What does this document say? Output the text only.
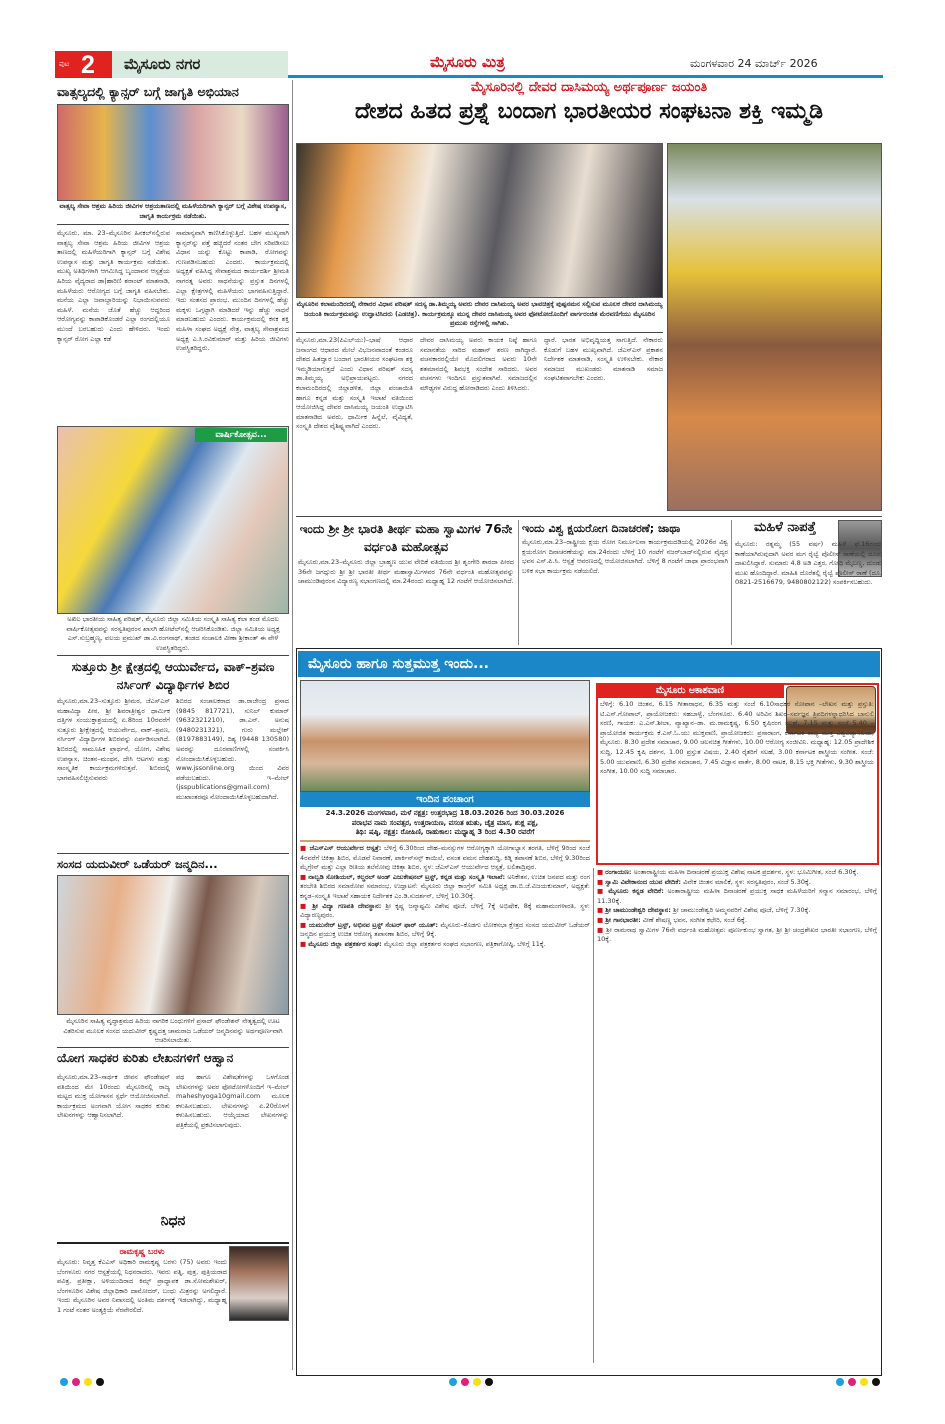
ಪುಟ 2 ಮೈಸೂರು ನಗರ	ಮೈಸೂರು ಮಿತ್ರ	ಮಂಗಳವಾರ 24 ಮಾರ್ಚ್ 2026
ವಾತ್ಸಲ್ಯದಲ್ಲಿ ಕ್ಯಾನ್ಸರ್ ಬಗ್ಗೆ ಜಾಗೃತಿ ಅಭಿಯಾನ
ವಾತ್ಸಲ್ಯ ಸೇವಾ ಆಶ್ರಮ ಹಿರಿಯ ಜೀವಿಗಳ ಆಶ್ರಯತಾಣದಲ್ಲಿ ಮಹಿಳೆಯರಿಗಾಗಿ ಕ್ಯಾನ್ಸರ್ ಬಗ್ಗೆ ವಿಶೇಷ ಉಪನ್ಯಾಸ, ಜಾಗೃತಿ ಕಾರ್ಯಕ್ರಮ ನಡೆಯಿತು.
ಮೈಸೂರು, ಮಾ. 23–ಮೈಸೂರಿನ ಹಿನಕಲ್‌ನಲ್ಲಿರುವ ವಾತ್ಸಲ್ಯ ಸೇವಾ ಆಶ್ರಮ ಹಿರಿಯ ಜೀವಿಗಳ ಆಶ್ರಯ ತಾಣದಲ್ಲಿ ಮಹಿಳೆಯರಿಗಾಗಿ ಕ್ಯಾನ್ಸರ್ ಬಗ್ಗೆ ವಿಶೇಷ ಉಪನ್ಯಾಸ ಮತ್ತು ಜಾಗೃತಿ ಕಾರ್ಯಕ್ರಮ ನಡೆಯಿತು. ಮುಖ್ಯ ಅತಿಥಿಗಳಾಗಿ ಆಗಮಿಸಿದ್ದ ಬೃಂದಾವನ ಆಸ್ಪತ್ರೆಯ ಹಿರಿಯ ವೈದ್ಯರಾದ ಡಾ|ಹಾರಿಣಿ ಶರಾಂಟ್ ಮಾತನಾಡಿ, ಮಹಿಳೆಯರು ಆರೋಗ್ಯದ ಬಗ್ಗೆ ಜಾಗೃತಿ ವಹಿಸಬೇಕು. ಮನೆಯ ಎಲ್ಲಾ ಜವಾಬ್ದಾರಿಯನ್ನು ನಿಭಾಯಿಸುವವರು ಮಹಿಳೆ. ಮನೆಯ ಜೊತೆ ಹೆಚ್ಚು ಆದ್ದರಿಂದ ಆರೋಗ್ಯವನ್ನು ಕಾಪಾಡಿಕೊಂಡರೆ ಎಲ್ಲಾ ರಂಗದಲ್ಲಿಯೂ ಮುಂದೆ ಬರಬಹುದು ಎಂದು ಹೇಳಿದರು. ಇಂದು ಕ್ಯಾನ್ಸರ್ ರೋಗ ಎಲ್ಲಾ ಕಡೆ
ಸಾಮಾನ್ಯವಾಗಿ ಕಾಣಿಸಿಕೊಳ್ಳುತ್ತಿದೆ. ಬಹಳ ಮುಖ್ಯವಾಗಿ ಕ್ಯಾನ್ಸರ್‌ನ್ನು ಪತ್ತೆ ಹಚ್ಚಿದರೆ ನಂತರ ಬೇಗ ಸರಿಪಡಿಸಲು ವಿಧಾನ ಯನ್ನು ಕೊಟ್ಟು ಕಾಪಾಡಿ, ರೋಗವನ್ನು ಗುಣಪಡಿಸಬಹುದು ಎಂದರು. ಕಾರ್ಯಕ್ರಮದಲ್ಲಿ ಅಧ್ಯಕ್ಷತೆ ವಹಿಸಿದ್ದ ಸೇವಾಶ್ರಮದ ಕಾರ್ಯದರ್ಶಿ ಶ್ರೀಮತಿ ನಾಗರತ್ನ ಅವರು ಸಾಧನೆಯನ್ನು ಪ್ರಸ್ತುತ ದಿನಗಳಲ್ಲಿ ಎಲ್ಲಾ ಕ್ಷೇತ್ರಗಳಲ್ಲಿ ಮಹಿಳೆಯರು ಭಾಗವಹಿಸುತ್ತಿದ್ದಾರೆ. ಇದು ಸಂತಸದ ಪ್ರಾರಂಭ. ಮುಂದಿನ ದಿನಗಳಲ್ಲಿ ಹೆಚ್ಚು ಮಕ್ಕಳು ಒಗ್ಗಟ್ಟಾಗಿ ಮಾಡಿದರೆ ಇನ್ನು ಹೆಚ್ಚು ಸಾಧನೆ ಮಾಡಬಹುದು ಎಂದರು. ಕಾರ್ಯಕ್ರಮದಲ್ಲಿ ಕನಕ ಶಕ್ತಿ ಮಹಿಳಾ ಸಂಘದ ಅಧ್ಯಕ್ಷೆ ನೇತ್ರ, ವಾತ್ಸಲ್ಯ ಸೇವಾಶ್ರಮದ ಅಧ್ಯಕ್ಷ ಎ.ಸಿ.ರವಿಕುಮಾರ್ ಮತ್ತು ಹಿರಿಯ ಜೀವಿಗಳು ಉಪಸ್ಥಿತರಿದ್ದರು.
ವಾರ್ಷಿಕೋತ್ಸವ...
ಅಖಿಲ ಭಾರತೀಯ ಸಾಹಿತ್ಯ ಪರಿಷತ್, ಮೈಸೂರು ಜಿಲ್ಲಾ ಸಮಿತಿಯ ಸಂಸ್ಕೃತಿ ಸಾಹಿತ್ಯ ಕಲಾ ತಂಡ ಮೊದಲ ವಾರ್ಷಿಕೋತ್ಸವವನ್ನು ಸರಸ್ವತಿಪುರಂನ ಖಾಸಗಿ ಹೋಟೆಲ್‌ನಲ್ಲಿ ಆಚರಿಸಿಕೊಂಡಿತು. ಜಿಲ್ಲಾ ಸಮಿತಿಯ ಅಧ್ಯಕ್ಷ ಎಸ್.ಸುಬ್ರಹ್ಮಣ್ಯ, ವಲಯ ಪ್ರಮುಖ್ ಡಾ.ವಿ.ರಂಗನಾಥ್, ತಂಡದ ಸಂಚಾಲಕಿ ವೀಣಾ ಶ್ರೀಕಾಂತ್ ಈ ವೇಳೆ ಉಪಸ್ಥಿತರಿದ್ದರು.
ಸುತ್ತೂರು ಶ್ರೀ ಕ್ಷೇತ್ರದಲ್ಲಿ ಆಯುರ್ವೇದ, ವಾಕ್–ಶ್ರವಣ ನರ್ಸಿಂಗ್ ವಿದ್ಯಾರ್ಥಿಗಳ ಶಿಬಿರ
ಮೈಸೂರು,ಮಾ.23–ಸುತ್ತೂರು ಶ್ರೀಮಠ, ಜೆಎಸ್‌ಎಸ್ ಮಹಾವಿದ್ಯಾ ಪೀಠ, ಶ್ರೀ ಶಿವರಾತ್ರೀಶ್ವರ ಧಾರ್ಮಿಕ ದತ್ತಿಗಳ ಸಂಯುಕ್ತಾಶ್ರಯದಲ್ಲಿ ಏ.8ರಿಂದ 10ರವರೆಗೆ ಸುತ್ತೂರು ಶ್ರೀಕ್ಷೇತ್ರದಲ್ಲಿ ಆಯುರ್ವೇದ, ವಾಕ್–ಶ್ರವಣ, ನರ್ಸಿಂಗ್ ವಿದ್ಯಾರ್ಥಿಗಳ ಶಿಬಿರವನ್ನು ಏರ್ಪಡಿಸಲಾಗಿದೆ. ಶಿಬಿರದಲ್ಲಿ ಸಾಮೂಹಿಕ ಪ್ರಾರ್ಥನೆ, ಯೋಗ, ವಿಶೇಷ ಉಪನ್ಯಾಸ, ಚಿಂತನ–ಮಂಥನ, ದೇಸಿ ಆಟಗಳು ಮತ್ತು ಸಾಂಸ್ಕೃತಿಕ ಕಾರ್ಯಕ್ರಮಗಳಿರುತ್ತವೆ. ಶಿಬಿರದಲ್ಲಿ ಭಾಗವಹಿಸಲಿಚ್ಛಿಸುವವರು
ಶಿಬಿರದ ಸಂಚಾಲಕರಾದ ಡಾ.ರಾಜೇಂದ್ರ ಪ್ರಸಾದ (9845 817721), ಸುನಿಲ್ ಕುಮಾರ್ (9632321210), ಡಾ.ಎನ್. ಅನುಷ (9480231321), ಗುರು ಮಲ್ಲೇಶ್ (8197883149), ದಿಶ್ಯ (9448 130580) ಅವರನ್ನು ದೂರವಾಣಿಗಳಲ್ಲಿ ಸಂಪರ್ಕಿಸಿ ನೋಂದಾಯಿಸಿಕೊಳ್ಳಬಹುದು. www.jssonline.org ಯಿಂದ ವಿವರ ಪಡೆಯಬಹುದು. ಇ–ಮೇಲ್ (jsspublications@gmail.com) ಮುಖಾಂತರವೂ ನೋಂದಾಯಿಸಿಕೊಳ್ಳಬಹುದಾಗಿದೆ.
ಸಂಸದ ಯದುವೀರ್ ಒಡೆಯರ್ ಜನ್ಮದಿನ...
ಮೈಸೂರಿನ ಸಾಹಿತ್ಯ ವೃದ್ಧಾಶ್ರಮದ ಹಿರಿಯ ನಾಗರಿಕ ಬಂಧುಗಳಿಗೆ ಪ್ರಸಾದ್ ಫೌಂಡೇಶನ್ ನೇತೃತ್ವದಲ್ಲಿ ಊಟ ವಿತರಿಸುವ ಮೂಲಕ ಸಂಸದ ಯದುವೀರ್ ಕೃಷ್ಣದತ್ತ ಚಾಮರಾಜ ಒಡೆಯರ್ ಜನ್ಮದಿನವನ್ನು ಅರ್ಥಪೂರ್ಣವಾಗಿ ಆಚರಿಸಲಾಯಿತು.
ಯೋಗ ಸಾಧಕರ ಕುರಿತು ಲೇಖನಗಳಿಗೆ ಆಹ್ವಾನ
ಮೈಸೂರು,ಮಾ.23–ಸಾರ್ಥಕ ಜೀವನ ಫೌಂಡೇಷನ್ ವತಿಯಿಂದ ಮೇ 10ರಂದು ಮೈಸೂರಿನಲ್ಲಿ ರಾಜ್ಯ ಮಟ್ಟದ ಮುಕ್ತ ಯೋಗಾಸನ ಸ್ಪರ್ಧೆ ಆಯೋಜಿಸಲಾಗಿದೆ. ಕಾರ್ಯಕ್ರಮದ ಅಂಗವಾಗಿ ಯೋಗ ಸಾಧಕರ ಕುರಿತು ಲೇಖನಗಳನ್ನು ಆಹ್ವಾನಿಸಲಾಗಿದೆ.
ಪಥ ಹಾಗೂ ವಿಶೇಷತೆಗಳನ್ನು ಒಳಗೊಂಡ ಲೇಖನಗಳನ್ನು ಅವರ ಫೋಟೋಗಳೊಂದಿಗೆ ಇ–ಮೇಲ್ maheshyoga10gmail.com ಮೂಲಕ ಕಳುಹಿಸಬಹುದು. ಲೇಖನಗಳನ್ನು ಏ.20ರೊಳಗೆ ಕಳುಹಿಸಬಹುದು. ಆಯ್ಕೆಯಾದ ಲೇಖನಗಳನ್ನು ಪತ್ರಿಕೆಯಲ್ಲಿ ಪ್ರಕಟಿಸಲಾಗುವುದು.
ನಿಧನ
ರಾಮಕೃಷ್ಣ ಬರಳು
ಮೈಸೂರು: ನಿವೃತ್ತ ಕೆಎಎಸ್ ಅಧಿಕಾರಿ ರಾಮಕೃಷ್ಣ ಬರಳು (75) ಅವರು ಇಂದು ಬೆಂಗಳೂರು ನಗರ ಆಸ್ಪತ್ರೆಯಲ್ಲಿ ನಿಧನರಾದರು. ಇವರು ಪತ್ನಿ, ಪುತ್ರ, ಪುತ್ರಿಯರಾದ ಪವಿತ್ರ, ಪ್ರತೀಕ್ಷಾ, ಅಳಿಯಂದಿರಾದ ಕಿಮ್ಸ್ ಪ್ರಾಧ್ಯಾಪಕ ಡಾ.ಸೋಮಶೇಖರ್, ಬೆಂಗಳೂರಿನ ವಿಶೇಷ ಜಿಲ್ಲಾಧಿಕಾರಿ ದಾಮೋದರ್, ಬಂಧು ಮಿತ್ರರನ್ನು ಅಗಲಿದ್ದಾರೆ. ಇಂದು ಮೈಸೂರಿನ ಅವರ ನಿವಾಸದಲ್ಲಿ ಅಂತಿಮ ದರ್ಶನಕ್ಕೆ ಇಡಲಾಗಿದ್ದು, ಮಧ್ಯಾಹ್ನ 1 ಗಂಟೆ ನಂತರ ಅಂತ್ಯಕ್ರಿಯೆ ನೆರವೇರಲಿದೆ.
ಮೈಸೂರಿನಲ್ಲಿ ದೇವರ ದಾಸಿಮಯ್ಯ ಅರ್ಥಪೂರ್ಣ ಜಯಂತಿ
ದೇಶದ ಹಿತದ ಪ್ರಶ್ನೆ ಬಂದಾಗ ಭಾರತೀಯರ ಸಂಘಟನಾ ಶಕ್ತಿ ಇಮ್ಮಡಿ
ಮೈಸೂರಿನ ಕಲಾಮಂದಿರದಲ್ಲಿ ನೇಕಾರರ ವಿಧಾನ ಪರಿಷತ್ ಸದಸ್ಯ ಡಾ.ತಿಮ್ಮಯ್ಯ ಅವರು ದೇವರ ದಾಸಿಮಯ್ಯ ಅವರ ಭಾವಚಿತ್ರಕ್ಕೆ ಪುಷ್ಪನಮನ ಸಲ್ಲಿಸುವ ಮೂಲಕ ದೇವರ ದಾಸಿಮಯ್ಯ ಜಯಂತಿ ಕಾರ್ಯಕ್ರಮವನ್ನು ಉದ್ಘಾಟಿಸಿದರು (ಎಡಚಿತ್ರ). ಕಾರ್ಯಕ್ರಮಕ್ಕೂ ಮುನ್ನ ದೇವರ ದಾಸಿಮಯ್ಯ ಅವರ ಫೋಟೋದೊಂದಿಗೆ ವಾರ್ಗರಂಜಿತ ಮೆರವಣಿಗೆಯು ಮೈಸೂರಿನ ಪ್ರಮುಖ ರಸ್ತೆಗಳಲ್ಲಿ ಸಾಗಿತು.
ಮೈಸೂರು,ಮಾ.23(ಪಿಎಲ್‌ಯು)–ಭಾಷೆ ಆಧಾರ ಜನಾಂಗದ ಆಧಾರದ ಮೇಲೆ ವಿಭಜನವಾದಂತೆ ಕಂಡರೂ ದೇಶದ ಹಿತದ್ವಾರ ಬಂದಾಗ ಭಾರತೀಯರ ಸಂಘಟನಾ ಶಕ್ತಿ ಇಮ್ಮಡಿಯಾಗುತ್ತದೆ ಎಂದು ವಿಧಾನ ಪರಿಷತ್ ಸದಸ್ಯ ಡಾ.ತಿಮ್ಮಯ್ಯ ಅಭಿಪ್ರಾಯಪಟ್ಟರು. ನಗರದ ಕಲಾಮಂದಿರದಲ್ಲಿ ಜಿಲ್ಲಾಡಳಿತ, ಜಿಲ್ಲಾ ಪಂಚಾಯಿತಿ ಹಾಗೂ ಕನ್ನಡ ಮತ್ತು ಸಂಸ್ಕೃತಿ ಇಲಾಖೆ ವತಿಯಿಂದ ಆಯೋಜಿಸಿದ್ದ ದೇವರ ದಾಸಿಮಯ್ಯ ಜಯಂತಿ ಉದ್ಘಾಟಿಸಿ ಮಾತನಾಡಿದ ಅವರು, ಧಾರ್ಮಿಕ ಹಿನ್ನೆಲೆ, ವೈವಿಧ್ಯತೆ, ಸಂಸ್ಕೃತಿ ದೇಶದ ವೈಶಿಷ್ಟ್ಯವಾಗಿದೆ ಎಂದರು.
ದೇವರ ದಾಸಿಮಯ್ಯ ಅವರು ಕಾಯಕ ನಿಷ್ಠೆ ಹಾಗೂ ಸಮಾನತೆಯ ಸಾರಿದ ಮಹಾನ್ ಶರಣ ರಾಗಿದ್ದಾರೆ. ವಚನಕಾರರಲ್ಲಿಯೇ ಮೊದಲಿಗರಾದ ಅವರು 10ನೇ ಶತಮಾನದಲ್ಲಿ ಶಿವಭಕ್ತಿ ಸಂದೇಶ ಸಾರಿದರು. ಅವರ ವಚನಗಳು ಇಂದಿಗೂ ಪ್ರಸ್ತುತವಾಗಿವೆ. ಸಮಾಜದಲ್ಲಿನ ಮೌಢ್ಯಗಳ ವಿರುದ್ಧ ಹೋರಾಡಿದರು ಎಂದು ತಿಳಿಸಿದರು.
ದ್ದಾರೆ. ಭಾರತ ಅಭಿವೃದ್ಧಿಯತ್ತ ಸಾಗುತ್ತಿದೆ. ನೇಕಾರರು ಕೊಡುಗೆ ಬಹಳ ಮುಖ್ಯವಾಗಿದೆ. ಜೆಎಸ್‌ಎಸ್ ಪ್ರಕಾಶನ ನಿರ್ದೇಶಕ ಮಾತನಾಡಿ, ಸಂಸ್ಕೃತಿ ಉಳಿಸಬೇಕು. ನೇಕಾರ ಸಮಾಜದ ಮುಖಂಡರು ಮಾತನಾಡಿ ಸಮಾಜ ಸಂಘಟಿತವಾಗಬೇಕು ಎಂದರು.
ಇಂದು ಶ್ರೀ ಶ್ರೀ ಭಾರತಿ ತೀರ್ಥ ಮಹಾ ಸ್ವಾಮಿಗಳ 76ನೇ ವರ್ಧಂತಿ ಮಹೋತ್ಸವ
ಮೈಸೂರು,ಮಾ.23–ಮೈಸೂರು ಜಿಲ್ಲಾ ಬ್ರಾಹ್ಮಣ ಯುವ ವೇದಿಕೆ ವತಿಯಿಂದ ಶ್ರೀ ಶೃಂಗೇರಿ ಶಾರದಾ ಪೀಠದ 36ನೇ ಜಗದ್ಗುರು ಶ್ರೀ ಶ್ರೀ ಭಾರತೀ ತೀರ್ಥ ಮಹಾಸ್ವಾಮಿಗಳವರ 76ನೇ ವರ್ಧಂತಿ ಮಹೋತ್ಸವವನ್ನು ಚಾಮುಂಡಿಪುರಂನ ವಿದ್ಯಾರಣ್ಯ ಸಭಾಂಗಣದಲ್ಲಿ ಮಾ.24ರಂದು ಮಧ್ಯಾಹ್ನ 12 ಗಂಟೆಗೆ ಆಯೋಜಿಸಲಾಗಿದೆ.
ಇಂದು ವಿಶ್ವ ಕ್ಷಯರೋಗ ದಿನಾಚರಣೆ; ಜಾಥಾ
ಮೈಸೂರು,ಮಾ.23–ರಾಷ್ಟ್ರೀಯ ಕ್ಷಯ ರೋಗ ನಿರ್ಮೂಲನಾ ಕಾರ್ಯಕ್ರಮದಡಿಯಲ್ಲಿ 2026ರ ವಿಶ್ವ ಕ್ಷಯರೋಗ ದಿನಾಚರಣೆಯನ್ನು ಮಾ.24ರಂದು ಬೆಳಿಗ್ಗೆ 10 ಗಂಟೆಗೆ ನಜರ್‌ಬಾದ್‌ನಲ್ಲಿರುವ ವೈದ್ಯರ ಭವನ ಎಸ್.ಪಿ.ಸಿ. ಆಸ್ಪತ್ರೆ ಆವರಣದಲ್ಲಿ ಆಯೋಜಿಸಲಾಗಿದೆ. ಬೆಳಿಗ್ಗೆ 8 ಗಂಟೆಗೆ ಜಾಥಾ ಪ್ರಾರಂಭವಾಗಿ ಬಳಿಕ ಸಭಾ ಕಾರ್ಯಕ್ರಮ ನಡೆಯಲಿದೆ.
ಮಹಿಳೆ ನಾಪತ್ತೆ
ಮೈಸೂರು: ರತ್ನಮ್ಮ (55 ವರ್ಷ) ಮಹಿಳೆ ಫೆ.16ರಂದು ಕಾಣೆಯಾಗಿರುವುದಾಗಿ ಅವರ ಮಗ ರೈಲ್ವೆ ಪೊಲೀಸ್ ಠಾಣೆಯಲ್ಲಿ ದೂರು ದಾಖಲಿಸಿದ್ದಾರೆ. ಸುಮಾರು 4.8 ಅಡಿ ಎತ್ತರ, ಗೋಧಿ ಮೈಬಣ್ಣ, ದುಂಡು ಮುಖ ಹೊಂದಿದ್ದಾರೆ. ಮಾಹಿತಿ ದೊರೆತಲ್ಲಿ ರೈಲ್ವೆ ಪೊಲೀಸ್ ಠಾಣೆ (ದೂ. 0821-2516679, 9480802122) ಸಂಪರ್ಕಿಸಬಹುದು.
ಮೈಸೂರು ಹಾಗೂ ಸುತ್ತಮುತ್ತ ಇಂದು...
ಇಂದಿನ ಪಂಚಾಂಗ
24.3.2026 ಮಂಗಳವಾರ, ಮಳೆ ನಕ್ಷತ್ರ: ಉತ್ತರಭಾದ್ರ 18.03.2026 ರಿಂದ 30.03.2026
ಪರಾಭವ ನಾಮ ಸಂವತ್ಸರ, ಉತ್ತರಾಯಣ, ವಸಂತ ಋತು, ಚೈತ್ರ ಮಾಸ, ಶುಕ್ಲ ಪಕ್ಷ,
ತಿಥಿ: ಷಷ್ಠಿ, ನಕ್ಷತ್ರ: ರೋಹಿಣಿ, ರಾಹುಕಾಲ: ಮಧ್ಯಾಹ್ನ 3 ರಿಂದ 4.30 ರವರೆಗೆ
ಮೈಸೂರು ಆಕಾಶವಾಣಿ
ಬೆಳಿಗ್ಗೆ: 6.10 ಚಿಂತನ, 6.15 ಗೀತಾರಾಧನ, 6.35 ಮತ್ತು ಸಂಜೆ 6.10ಸಾಧಕರ ಸೋಪಾನ –ಲೇಖನ ಮತ್ತು ಪ್ರಸ್ತುತಿ: ಟಿ.ಎಸ್.ಗೋಪಾಲ್, ಪ್ರಾಯೋಜಕರು: ಸಹಬಾಳ್ವೆ, ಬೆಂಗಳೂರು. 6.40 ಅರಿವಿನ ಶಿಖರ–ಸರ್ವಜ್ಞನ ತ್ರಿಪದಿಗಳನ್ನಾಧರಿಸಿದ ಬಾನುಲಿ ಸರಣಿ, ಗಾಯಕ: ಎ.ಎಸ್.ಶೀಲಾ, ವ್ಯಾಖ್ಯಾನ–ಡಾ. ಮ.ರಾಮಕೃಷ್ಣ, 6.50 ಕೃಷಿರಂಗ ಸಲಹೆ, 7.15 ಮತ್ತು ಸಂಜೆ 5.40 – ಪ್ರಾಯೋಜಿತ ಕಾರ್ಯಕ್ರಮ ಕೆ.ಎಸ್.ಓ.ಯು ಮುಕ್ತವಾಣಿ, ಪ್ರಾಯೋಜಕರು: ಪ್ರಸಾರಾಂಗ, ಕರ್ನಾಟಕ ರಾಜ್ಯ ಮುಕ್ತ ವಿಶ್ವವಿದ್ಯಾನಿಲಯ, ಮೈಸೂರು. 8.30 ಪ್ರದೇಶ ಸಮಾಚಾರ, 9.00 ಚಲನಚಿತ್ರ ಗೀತೆಗಳು, 10.00 ಆರೋಗ್ಯ ಸಂಜೀವಿನಿ. ಮಧ್ಯಾಹ್ನ: 12.05 ಪ್ರಾದೇಶಿಕ ಸುದ್ದಿ, 12.45 ಕೃಷಿ ದರ್ಶನ, 1.00 ಪ್ರಸ್ತುತ ವಿಷಯ, 2.40 ರೈತರಿಗೆ ಸಲಹೆ, 3.00 ಕರ್ನಾಟಕ ಶಾಸ್ತ್ರೀಯ ಸಂಗೀತ. ಸಂಜೆ: 5.00 ಯುವವಾಣಿ, 6.30 ಪ್ರದೇಶ ಸಮಾಚಾರ, 7.45 ವಿಜ್ಞಾನ ವಾರ್ತೆ, 8.00 ನಾಟಕ, 8.15 ಭಕ್ತಿ ಗೀತೆಗಳು, 9.30 ಶಾಸ್ತ್ರೀಯ ಸಂಗೀತ, 10.00 ಸುದ್ದಿ ಸಮಾಚಾರ.
■ ಜೆಎಸ್‌ಎಸ್ ಆಯುರ್ವೇದ ಆಸ್ಪತ್ರೆ: ಬೆಳಿಗ್ಗೆ 6.30ರಿಂದ ದೇಹ–ಮನಸ್ಸುಗಳ ಆರೋಗ್ಯಕ್ಕಾಗಿ ಯೋಗಾಭ್ಯಾಸ ತರಗತಿ, ಬೆಳಿಗ್ಗೆ 9ರಿಂದ ಸಂಜೆ 4ರವರೆಗೆ ಚಿಕಿತ್ಸಾ ಶಿಬಿರ, ಮೊಡವೆ ನಿವಾರಣೆ, ಪಾರ್ಕಿನ್‌ಸನ್ಸ್ ಕಾಯಿಲೆ, ವಸಂತ ವಮನ ದೇಹಶುದ್ಧಿ, ಕಿಡ್ನಿ ತಪಾಸಣೆ ಶಿಬಿರ, ಬೆಳಿಗ್ಗೆ 9.30ರಿಂದ ಮೈಗ್ರೇನ್ ಮತ್ತು ಎಲ್ಲಾ ರೀತಿಯ ತಲೆನೋವು ಚಿಕಿತ್ಸಾ ಶಿಬಿರ, ಸ್ಥಳ: ಜೆಎಸ್‌ಎಸ್ ಆಯುರ್ವೇದ ಆಸ್ಪತ್ರೆ, ಲಲಿತಾದ್ರಿಪುರ.
■ ನಾಲ್ವಡಿ ಸೋಶಿಯಲ್, ಕಲ್ಚರಲ್ ಅಂಡ್ ಎಜುಕೇಷನಲ್ ಟ್ರಸ್ಟ್, ಕನ್ನಡ ಮತ್ತು ಸಂಸ್ಕೃತಿ ಇಲಾಖೆ: ಅನಿಕೇತನ, ಉಚಿತ ಜನಪದ ಮತ್ತು ರಂಗ ತರಬೇತಿ ಶಿಬಿರದ ಸಮಾರೋಪ ಸಮಾರಂಭ, ಉದ್ಘಾಟನೆ: ಮೈಸೂರು ಜಿಲ್ಲಾ ಕಾಂಗ್ರೆಸ್ ಸಮಿತಿ ಅಧ್ಯಕ್ಷ ಡಾ.ಬಿ.ಜೆ.ವಿಜಯಕುಮಾರ್, ಅಧ್ಯಕ್ಷತೆ: ಕನ್ನಡ–ಸಂಸ್ಕೃತಿ ಇಲಾಖೆ ಸಹಾಯಕ ನಿರ್ದೇಶಕ ಎಂ.ಡಿ.ಸುದರ್ಶನ್, ಬೆಳಿಗ್ಗೆ 10.30ಕ್ಕೆ.
■ ಶ್ರೀ ವಿದ್ಯಾ ಗಣಪತಿ ದೇವಸ್ಥಾನ: ಶ್ರೀ ಕೃಷ್ಣ ಜನ್ಮಾಷ್ಟಮಿ ವಿಶೇಷ ಪೂಜೆ, ಬೆಳಿಗ್ಗೆ 7ಕ್ಕೆ ಅಭಿಷೇಕ, 8ಕ್ಕೆ ಮಹಾಮಂಗಳಾರತಿ, ಸ್ಥಳ: ವಿದ್ಯಾರಣ್ಯಪುರಂ.
■ ಯಮುನೇರ್ ಟ್ರಸ್ಟ್, ಅಭಿನವ ಟ್ರಸ್ಟ್ ಸೆಂಟರ್ ಫಾರ್ ಯೂತ್: ಮೈಸೂರು–ಕೊಡಗು ಲೋಕಸಭಾ ಕ್ಷೇತ್ರದ ಸಂಸದ ಯದುವೀರ್ ಒಡೆಯರ್ ಜನ್ಮದಿನ ಪ್ರಯುಕ್ತ ಉಚಿತ ಆರೋಗ್ಯ ತಪಾಸಣಾ ಶಿಬಿರ, ಬೆಳಿಗ್ಗೆ 9ಕ್ಕೆ.
■ ಮೈಸೂರು ಜಿಲ್ಲಾ ಪತ್ರಕರ್ತರ ಸಂಘ: ಮೈಸೂರು ಜಿಲ್ಲಾ ಪತ್ರಕರ್ತರ ಸಂಘದ ಸಭಾಂಗಣ, ಪತ್ರಿಕಾಗೋಷ್ಠಿ, ಬೆಳಿಗ್ಗೆ 11ಕ್ಕೆ.
■ ರಂಗಾಯಣ: ಅಂತಾರಾಷ್ಟ್ರೀಯ ಮಹಿಳಾ ದಿನಾಚರಣೆ ಪ್ರಯುಕ್ತ ವಿಶೇಷ ನಾಟಕ ಪ್ರದರ್ಶನ, ಸ್ಥಳ: ಭೂಮಿಗೀತ, ಸಂಜೆ 6.30ಕ್ಕೆ.
■ ಸ್ವಾಮಿ ವಿವೇಕಾನಂದ ಯುವ ವೇದಿಕೆ: ವಿವೇಕ ಚಿಂತನ ಮಾಲಿಕೆ, ಸ್ಥಳ: ಸರಸ್ವತಿಪುರಂ, ಸಂಜೆ 5.30ಕ್ಕೆ.
■ ಮೈಸೂರು ಕನ್ನಡ ವೇದಿಕೆ: ಅಂತಾರಾಷ್ಟ್ರೀಯ ಮಹಿಳಾ ದಿನಾಚರಣೆ ಪ್ರಯುಕ್ತ ಸಾಧಕ ಮಹಿಳೆಯರಿಗೆ ಸನ್ಮಾನ ಸಮಾರಂಭ, ಬೆಳಿಗ್ಗೆ 11.30ಕ್ಕೆ.
■ ಶ್ರೀ ಚಾಮುಂಡೇಶ್ವರಿ ದೇವಸ್ಥಾನ: ಶ್ರೀ ಚಾಮುಂಡೇಶ್ವರಿ ಅಮ್ಮನವರಿಗೆ ವಿಶೇಷ ಪೂಜೆ, ಬೆಳಿಗ್ಗೆ 7.30ಕ್ಕೆ.
■ ಶ್ರೀ ಗಾನಭಾರತೀ: ವೀಣೆ ಶೇಷಣ್ಣ ಭವನ, ಸಂಗೀತ ಕಛೇರಿ, ಸಂಜೆ 6ಕ್ಕೆ.
■ ಶ್ರೀ ರಾಮನಾಥ ಸ್ವಾಮಿಗಳ 76ನೇ ವರ್ಧಂತಿ ಮಹೋತ್ಸವ: ಪೂರ್ಣಕುಂಭ ಸ್ವಾಗತ, ಶ್ರೀ ಶ್ರೀ ಚಂದ್ರಶೇಖರ ಭಾರತೀ ಸಭಾಂಗಣ, ಬೆಳಿಗ್ಗೆ 10ಕ್ಕೆ.
